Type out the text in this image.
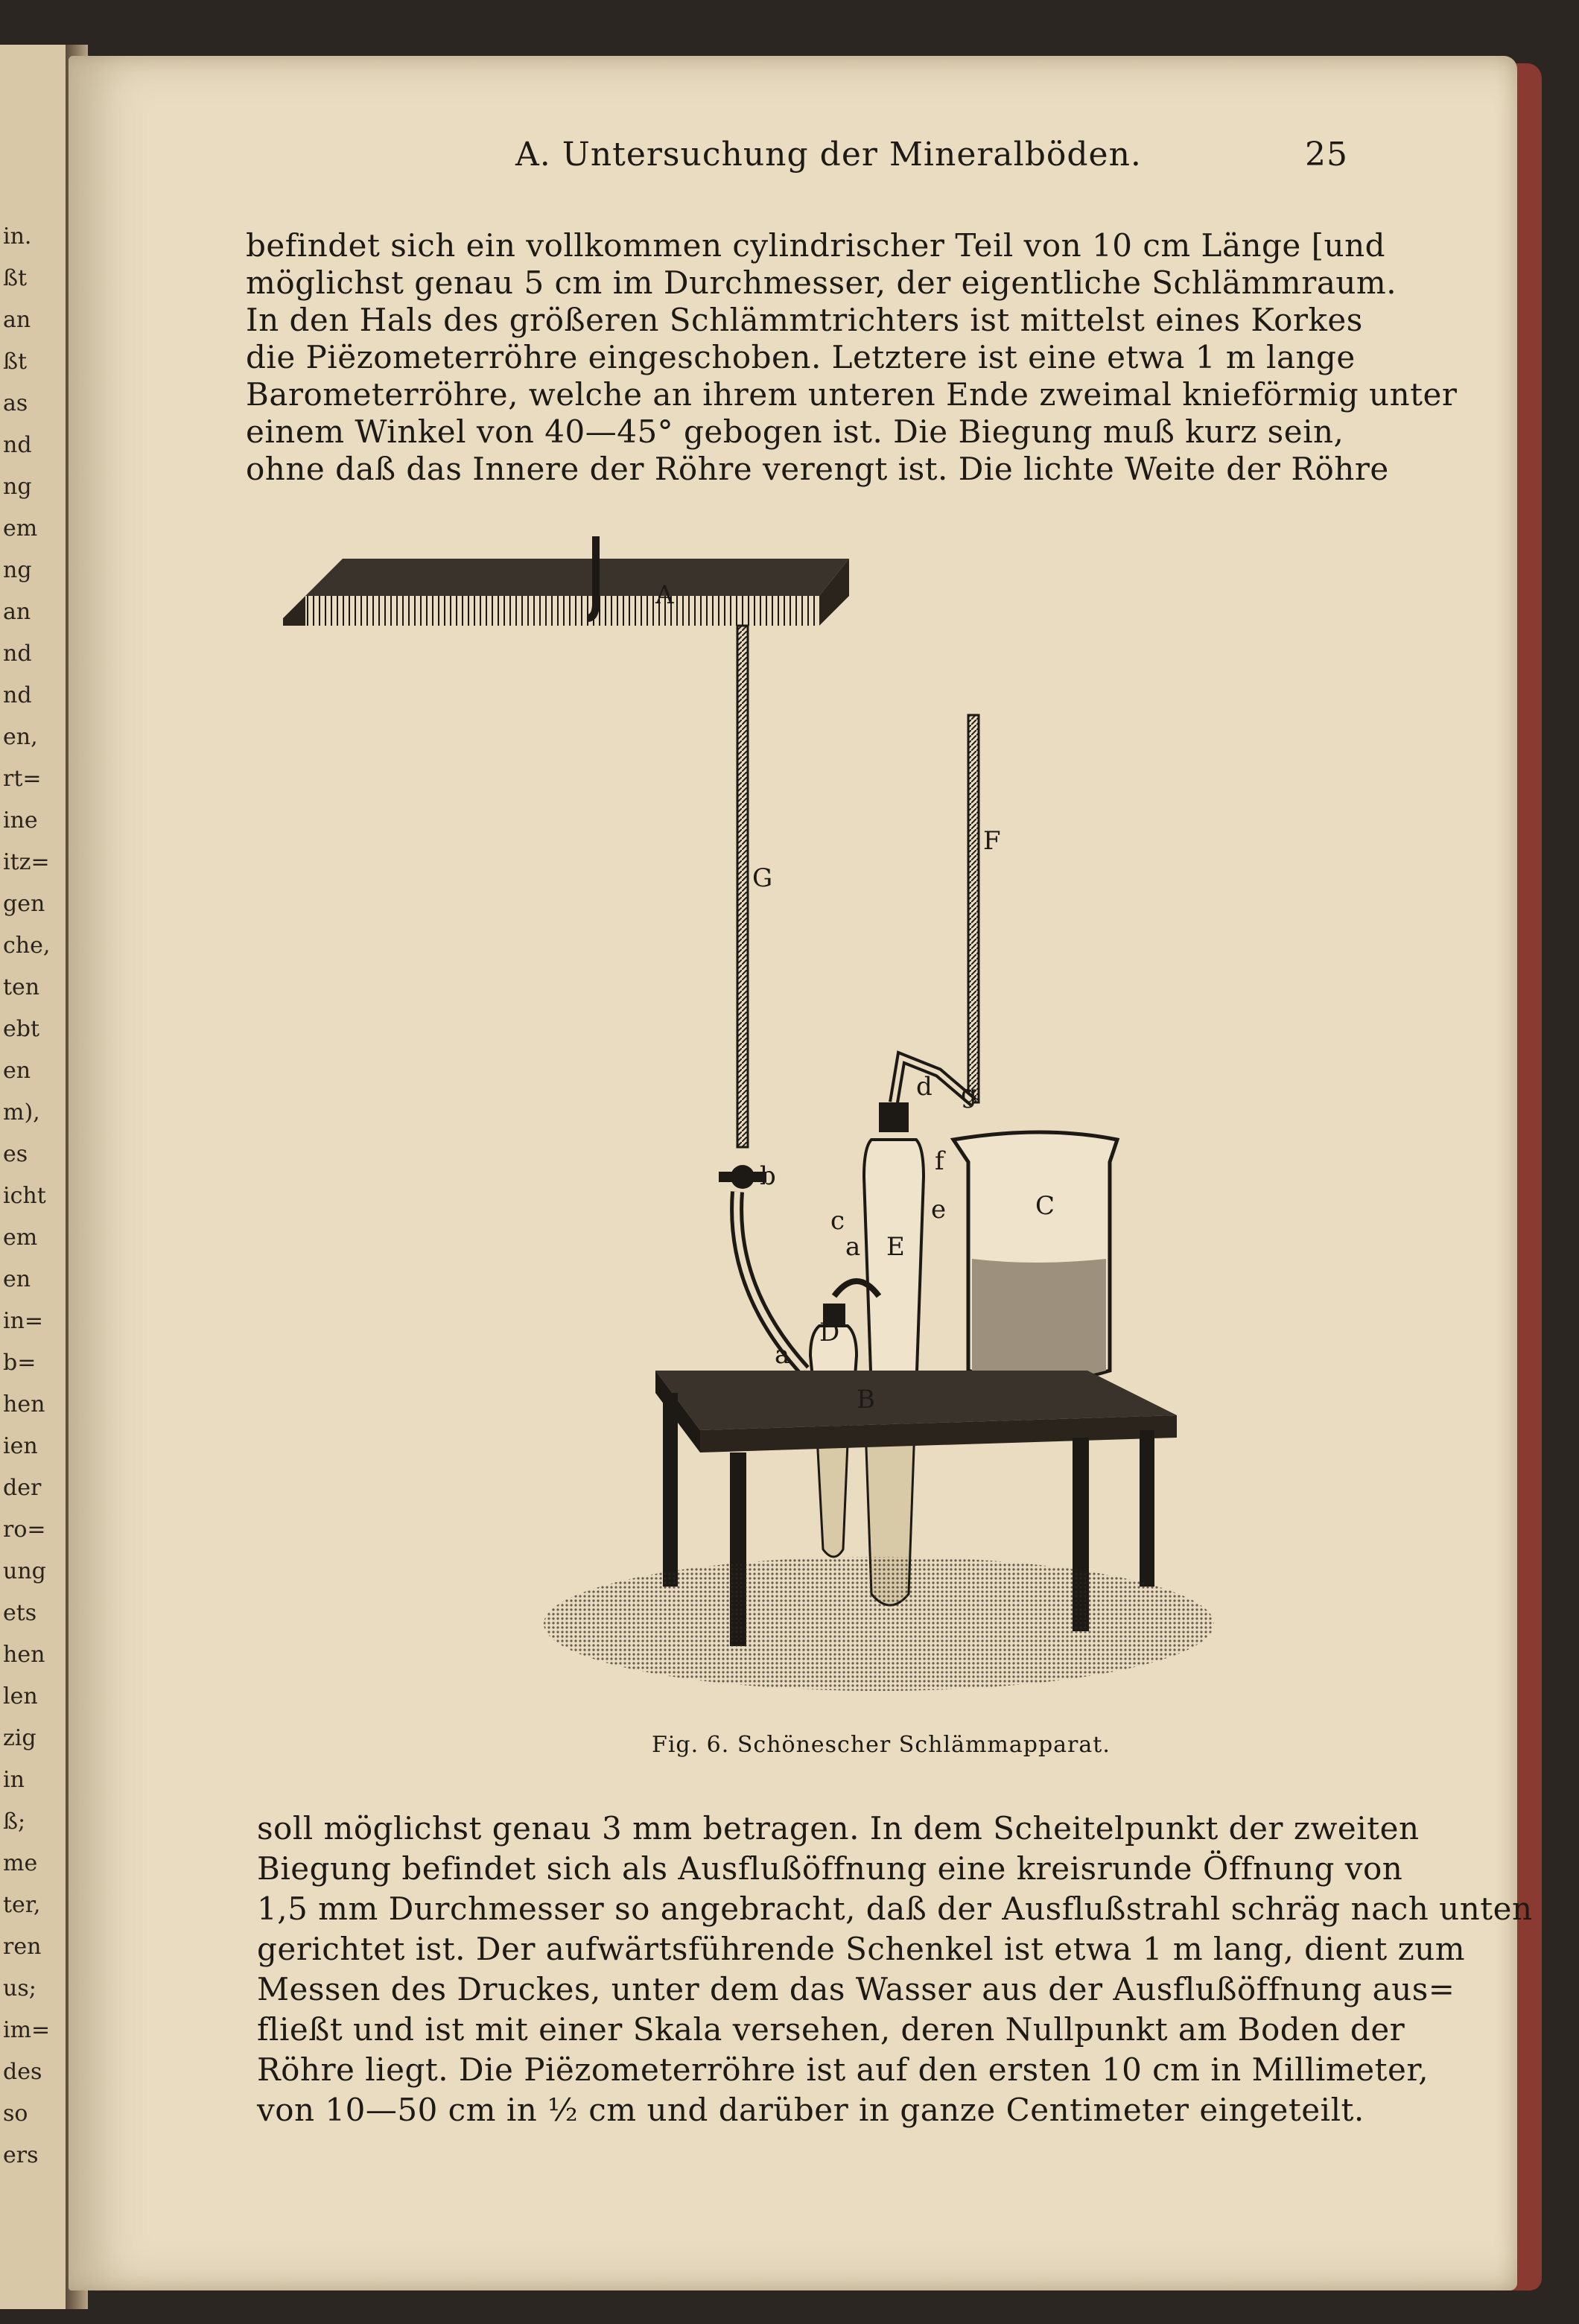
in.
ßt
an
ßt
as
nd
ng
em
ng
an
nd
nd
en,
rt=
ine
itz=
gen
che,
ten
ebt
en
m),
es
icht
em
en
in=
b=
hen
ien
der
ro=
ung
ets
hen
len
zig
in
ß;
me
ter,
ren
us;
im=
des
so
ers
A. Untersuchung der Mineralböden.	25
befindet sich ein vollkommen cylindrischer Teil von 10 cm Länge [und
möglichst genau 5 cm im Durchmesser, der eigentliche Schlämmraum.
In den Hals des größeren Schlämmtrichters ist mittelst eines Korkes
die Piëzometerröhre eingeschoben. Letztere ist eine etwa 1 m lange
Barometerröhre, welche an ihrem unteren Ende zweimal knieförmig unter
einem Winkel von 40—45° gebogen ist. Die Biegung muß kurz sein,
ohne daß das Innere der Röhre verengt ist. Die lichte Weite der Röhre
A
B
C
D
E
F
G
a
a
b
c
d
e
f
g
Fig. 6. Schönescher Schlämmapparat.
soll möglichst genau 3 mm betragen. In dem Scheitelpunkt der zweiten
Biegung befindet sich als Ausflußöffnung eine kreisrunde Öffnung von
1,5 mm Durchmesser so angebracht, daß der Ausflußstrahl schräg nach unten
gerichtet ist. Der aufwärtsführende Schenkel ist etwa 1 m lang, dient zum
Messen des Druckes, unter dem das Wasser aus der Ausflußöffnung aus=
fließt und ist mit einer Skala versehen, deren Nullpunkt am Boden der
Röhre liegt. Die Piëzometerröhre ist auf den ersten 10 cm in Millimeter,
von 10—50 cm in ½ cm und darüber in ganze Centimeter eingeteilt.
